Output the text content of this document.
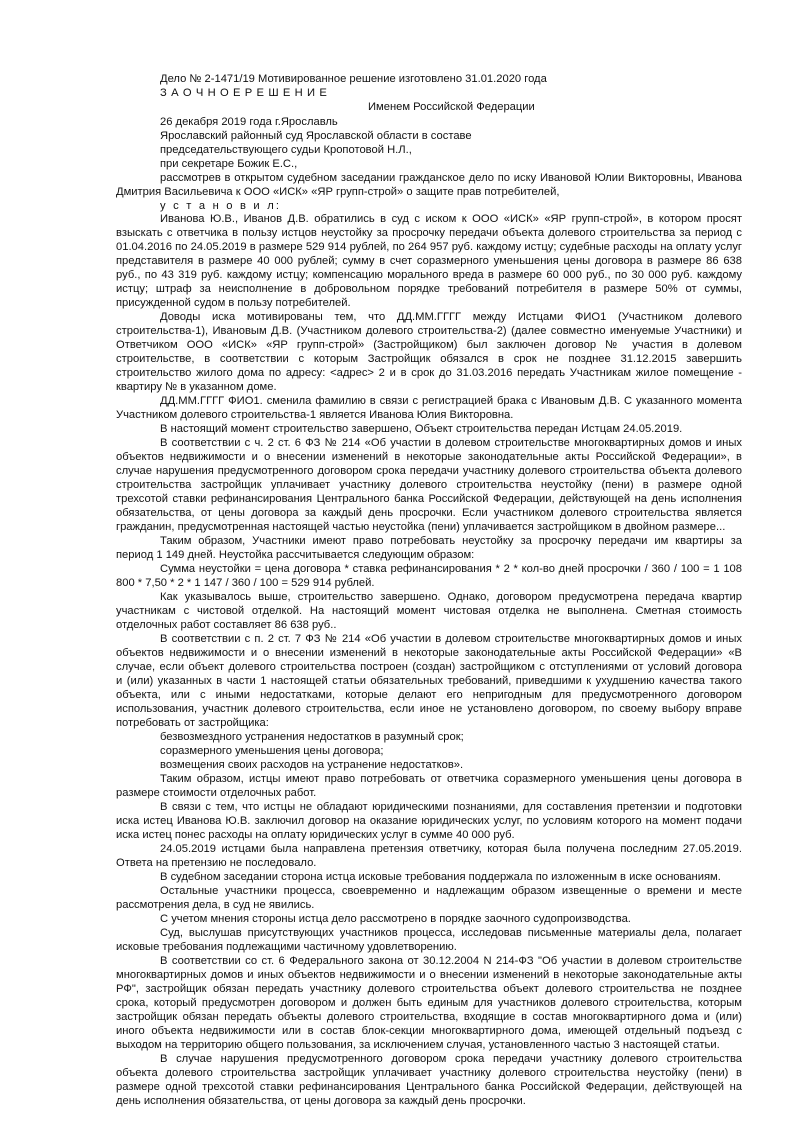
Дело № 2-1471/19 Мотивированное решение изготовлено 31.01.2020 года
З А О Ч Н О Е Р Е Ш Е Н И Е
Именем Российской Федерации
26 декабря 2019 года г.Ярославль
Ярославский районный суд Ярославской области в составе
председательствующего судьи Кропотовой Н.Л.,
при секретаре Божик Е.С.,
рассмотрев в открытом судебном заседании гражданское дело по иску Ивановой Юлии Викторовны, Иванова
Дмитрия Васильевича к ООО «ИСК» «ЯР групп-строй» о защите прав потребителей,
у с т а н о в и л:
Иванова Ю.В., Иванов Д.В. обратились в суд с иском к ООО «ИСК» «ЯР групп-строй», в котором просят
взыскать с ответчика в пользу истцов неустойку за просрочку передачи объекта долевого строительства за период с
01.04.2016 по 24.05.2019 в размере 529 914 рублей, по 264 957 руб. каждому истцу; судебные расходы на оплату услуг
представителя в размере 40 000 рублей; сумму в счет соразмерного уменьшения цены договора в размере 86 638
руб., по 43 319 руб. каждому истцу; компенсацию морального вреда в размере 60 000 руб., по 30 000 руб. каждому
истцу; штраф за неисполнение в добровольном порядке требований потребителя в размере 50% от суммы,
присужденной судом в пользу потребителей.
Доводы иска мотивированы тем, что ДД.ММ.ГГГГ между Истцами ФИО1 (Участником долевого
строительства-1), Ивановым Д.В. (Участником долевого строительства-2) (далее совместно именуемые Участники) и
Ответчиком ООО «ИСК» «ЯР групп-строй» (Застройщиком) был заключен договор № участия в долевом
строительстве, в соответствии с которым Застройщик обязался в срок не позднее 31.12.2015 завершить
строительство жилого дома по адресу: <адрес> 2 и в срок до 31.03.2016 передать Участникам жилое помещение -
квартиру № в указанном доме.
ДД.ММ.ГГГГ ФИО1. сменила фамилию в связи с регистрацией брака с Ивановым Д.В. С указанного момента
Участником долевого строительства-1 является Иванова Юлия Викторовна.
В настоящий момент строительство завершено, Объект строительства передан Истцам 24.05.2019.
В соответствии с ч. 2 ст. 6 ФЗ № 214 «Об участии в долевом строительстве многоквартирных домов и иных
объектов недвижимости и о внесении изменений в некоторые законодательные акты Российской Федерации», в
случае нарушения предусмотренного договором срока передачи участнику долевого строительства объекта долевого
строительства застройщик уплачивает участнику долевого строительства неустойку (пени) в размере одной
трехсотой ставки рефинансирования Центрального банка Российской Федерации, действующей на день исполнения
обязательства, от цены договора за каждый день просрочки. Если участником долевого строительства является
гражданин, предусмотренная настоящей частью неустойка (пени) уплачивается застройщиком в двойном размере...
Таким образом, Участники имеют право потребовать неустойку за просрочку передачи им квартиры за
период 1 149 дней. Неустойка рассчитывается следующим образом:
Сумма неустойки = цена договора * ставка рефинансирования * 2 * кол-во дней просрочки / 360 / 100 = 1 108
800 * 7,50 * 2 * 1 147 / 360 / 100 = 529 914 рублей.
Как указывалось выше, строительство завершено. Однако, договором предусмотрена передача квартир
участникам с чистовой отделкой. На настоящий момент чистовая отделка не выполнена. Сметная стоимость
отделочных работ составляет 86 638 руб..
В соответствии с п. 2 ст. 7 ФЗ № 214 «Об участии в долевом строительстве многоквартирных домов и иных
объектов недвижимости и о внесении изменений в некоторые законодательные акты Российской Федерации» «В
случае, если объект долевого строительства построен (создан) застройщиком с отступлениями от условий договора
и (или) указанных в части 1 настоящей статьи обязательных требований, приведшими к ухудшению качества такого
объекта, или с иными недостатками, которые делают его непригодным для предусмотренного договором
использования, участник долевого строительства, если иное не установлено договором, по своему выбору вправе
потребовать от застройщика:
безвозмездного устранения недостатков в разумный срок;
соразмерного уменьшения цены договора;
возмещения своих расходов на устранение недостатков».
Таким образом, истцы имеют право потребовать от ответчика соразмерного уменьшения цены договора в
размере стоимости отделочных работ.
В связи с тем, что истцы не обладают юридическими познаниями, для составления претензии и подготовки
иска истец Иванова Ю.В. заключил договор на оказание юридических услуг, по условиям которого на момент подачи
иска истец понес расходы на оплату юридических услуг в сумме 40 000 руб.
24.05.2019 истцами была направлена претензия ответчику, которая была получена последним 27.05.2019.
Ответа на претензию не последовало.
В судебном заседании сторона истца исковые требования поддержала по изложенным в иске основаниям.
Остальные участники процесса, своевременно и надлежащим образом извещенные о времени и месте
рассмотрения дела, в суд не явились.
С учетом мнения стороны истца дело рассмотрено в порядке заочного судопроизводства.
Суд, выслушав присутствующих участников процесса, исследовав письменные материалы дела, полагает
исковые требования подлежащими частичному удовлетворению.
В соответствии со ст. 6 Федерального закона от 30.12.2004 N 214-ФЗ "Об участии в долевом строительстве
многоквартирных домов и иных объектов недвижимости и о внесении изменений в некоторые законодательные акты
РФ", застройщик обязан передать участнику долевого строительства объект долевого строительства не позднее
срока, который предусмотрен договором и должен быть единым для участников долевого строительства, которым
застройщик обязан передать объекты долевого строительства, входящие в состав многоквартирного дома и (или)
иного объекта недвижимости или в состав блок-секции многоквартирного дома, имеющей отдельный подъезд с
выходом на территорию общего пользования, за исключением случая, установленного частью 3 настоящей статьи.
В случае нарушения предусмотренного договором срока передачи участнику долевого строительства
объекта долевого строительства застройщик уплачивает участнику долевого строительства неустойку (пени) в
размере одной трехсотой ставки рефинансирования Центрального банка Российской Федерации, действующей на
день исполнения обязательства, от цены договора за каждый день просрочки.
